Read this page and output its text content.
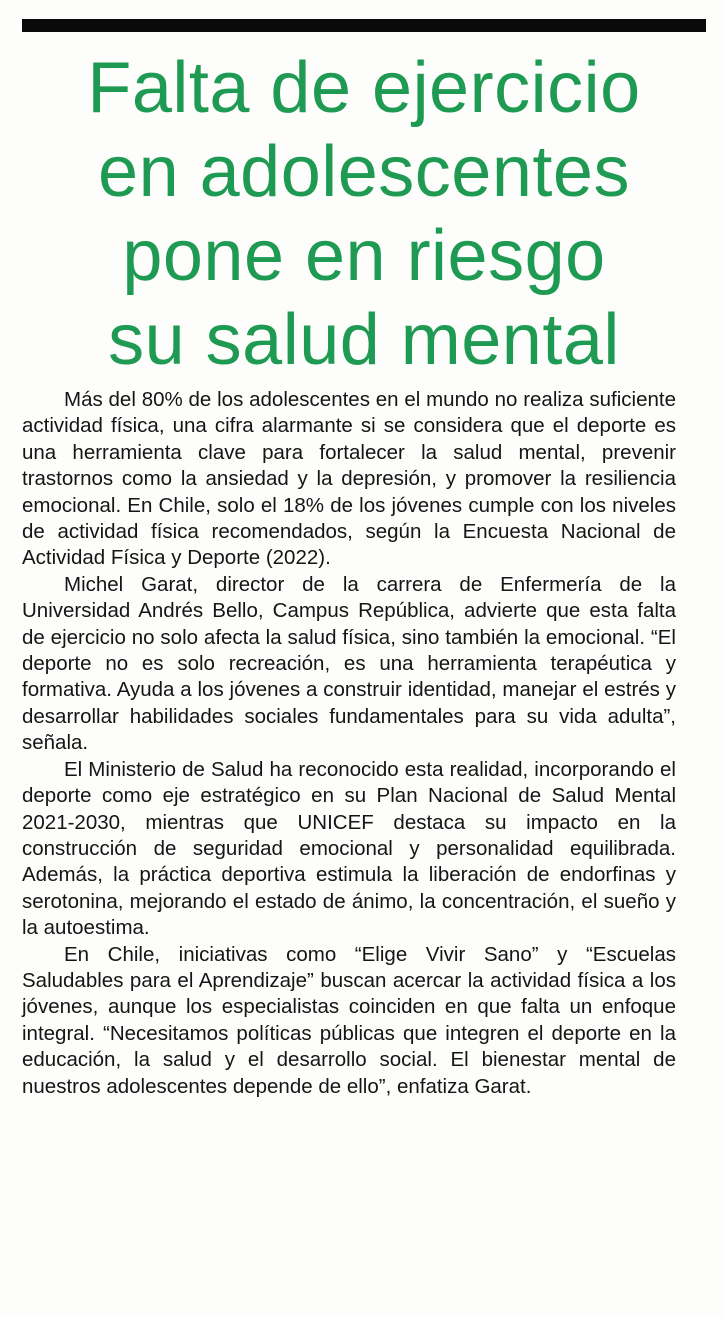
Falta de ejercicio
en adolescentes
pone en riesgo
su salud mental

Más del 80% de los adolescentes en el mundo no realiza suficiente actividad física, una cifra alarmante si se considera que el deporte es una herramienta clave para fortalecer la salud mental, prevenir trastornos como la ansiedad y la depresión, y promover la resiliencia emocional. En Chile, solo el 18% de los jóvenes cumple con los niveles de actividad física recomendados, según la Encuesta Nacional de Actividad Física y Deporte (2022).

Michel Garat, director de la carrera de Enfermería de la Universidad Andrés Bello, Campus República, advierte que esta falta de ejercicio no solo afecta la salud física, sino también la emocional. “El deporte no es solo recreación, es una herramienta terapéutica y formativa. Ayuda a los jóvenes a construir identidad, manejar el estrés y desarrollar habilidades sociales fundamentales para su vida adulta”, señala.

El Ministerio de Salud ha reconocido esta realidad, incorporando el deporte como eje estratégico en su Plan Nacional de Salud Mental 2021-2030, mientras que UNICEF destaca su impacto en la construcción de seguridad emocional y personalidad equilibrada. Además, la práctica deportiva estimula la liberación de endorfinas y serotonina, mejorando el estado de ánimo, la concentración, el sueño y la autoestima.

En Chile, iniciativas como “Elige Vivir Sano” y “Escuelas Saludables para el Aprendizaje” buscan acercar la actividad física a los jóvenes, aunque los especialistas coinciden en que falta un enfoque integral. “Necesitamos políticas públicas que integren el deporte en la educación, la salud y el desarrollo social. El bienestar mental de nuestros adolescentes depende de ello”, enfatiza Garat.
